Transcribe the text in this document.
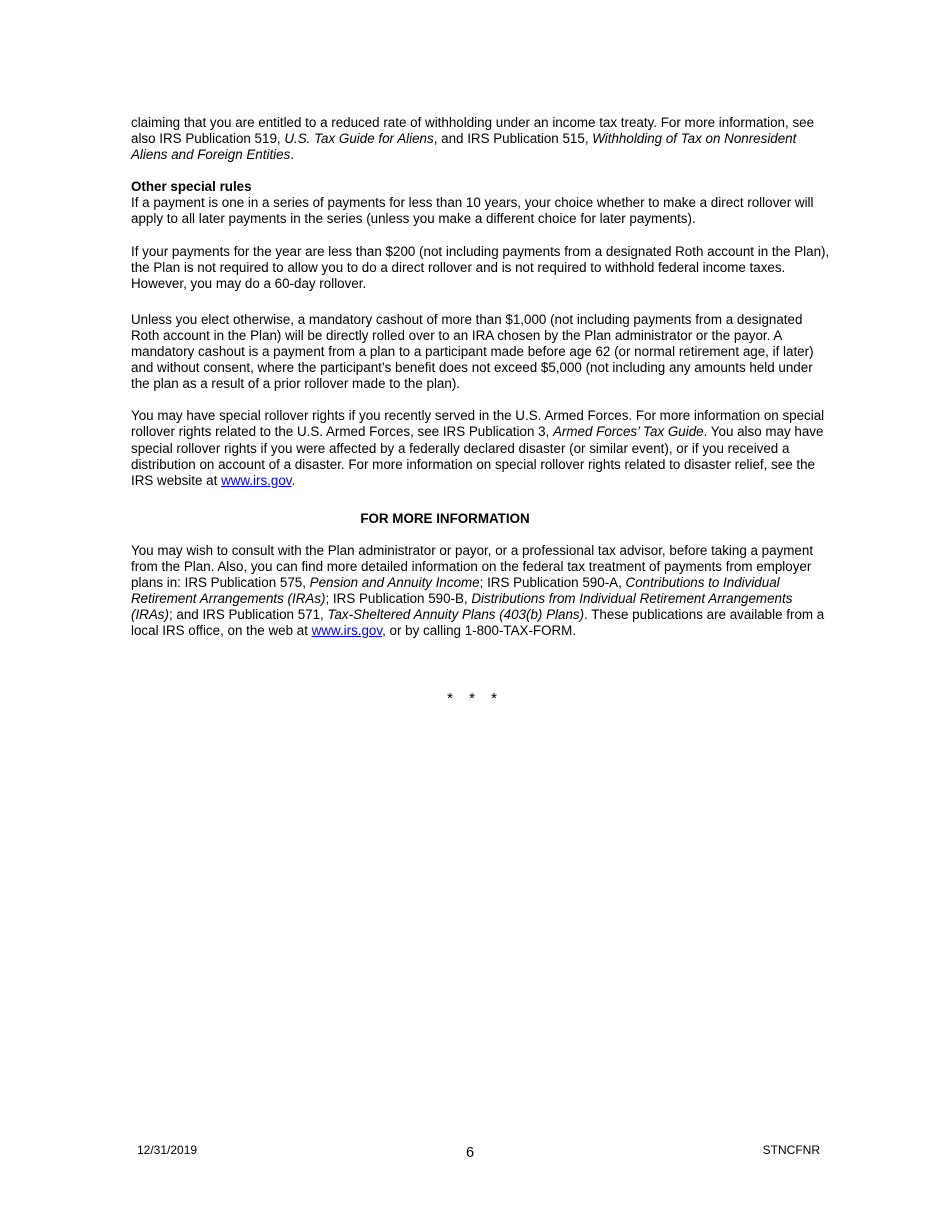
claiming that you are entitled to a reduced rate of withholding under an income tax treaty. For more information, see also IRS Publication 519, U.S. Tax Guide for Aliens, and IRS Publication 515, Withholding of Tax on Nonresident Aliens and Foreign Entities.

Other special rules

If a payment is one in a series of payments for less than 10 years, your choice whether to make a direct rollover will apply to all later payments in the series (unless you make a different choice for later payments).

If your payments for the year are less than $200 (not including payments from a designated Roth account in the Plan), the Plan is not required to allow you to do a direct rollover and is not required to withhold federal income taxes. However, you may do a 60-day rollover.

Unless you elect otherwise, a mandatory cashout of more than $1,000 (not including payments from a designated Roth account in the Plan) will be directly rolled over to an IRA chosen by the Plan administrator or the payor. A mandatory cashout is a payment from a plan to a participant made before age 62 (or normal retirement age, if later) and without consent, where the participant’s benefit does not exceed $5,000 (not including any amounts held under the plan as a result of a prior rollover made to the plan).

You may have special rollover rights if you recently served in the U.S. Armed Forces. For more information on special rollover rights related to the U.S. Armed Forces, see IRS Publication 3, Armed Forces’ Tax Guide. You also may have special rollover rights if you were affected by a federally declared disaster (or similar event), or if you received a distribution on account of a disaster. For more information on special rollover rights related to disaster relief, see the IRS website at www.irs.gov.

FOR MORE INFORMATION

You may wish to consult with the Plan administrator or payor, or a professional tax advisor, before taking a payment from the Plan. Also, you can find more detailed information on the federal tax treatment of payments from employer plans in: IRS Publication 575, Pension and Annuity Income; IRS Publication 590-A, Contributions to Individual Retirement Arrangements (IRAs); IRS Publication 590-B, Distributions from Individual Retirement Arrangements (IRAs); and IRS Publication 571, Tax-Sheltered Annuity Plans (403(b) Plans). These publications are available from a local IRS office, on the web at www.irs.gov, or by calling 1-800-TAX-FORM.

* * *
12/31/2019	6	STNCFNR
